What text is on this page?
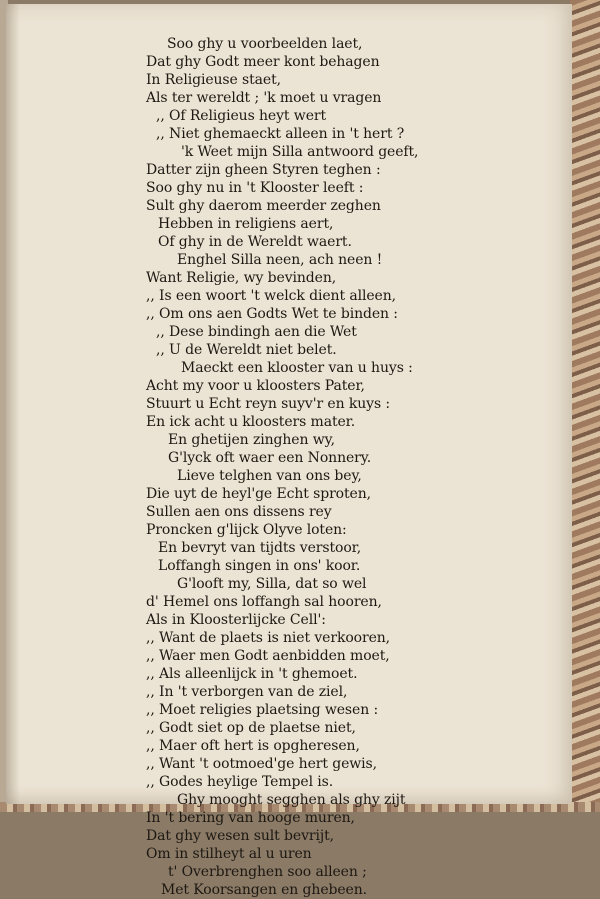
Soo ghy u voorbeelden laet,
Dat ghy Godt meer kont behagen
In Religieuse staet,
Als ter wereldt ; 'k moet u vragen
,, Of Religieus heyt wert
,, Niet ghemaeckt alleen in 't hert ?
'k Weet mijn Silla antwoord geeft,
Datter zijn gheen Styren teghen :
Soo ghy nu in 't Klooster leeft :
Sult ghy daerom meerder zeghen
Hebben in religiens aert,
Of ghy in de Wereldt waert.
Enghel Silla neen, ach neen !
Want Religie, wy bevinden,
,, Is een woort 't welck dient alleen,
,, Om ons aen Godts Wet te binden :
,, Dese bindingh aen die Wet
,, U de Wereldt niet belet.
Maeckt een klooster van u huys :
Acht my voor u kloosters Pater,
Stuurt u Echt reyn suyv'r en kuys :
En ick acht u kloosters mater.
En ghetijen zinghen wy,
G'lyck oft waer een Nonnery.
Lieve telghen van ons bey,
Die uyt de heyl'ge Echt sproten,
Sullen aen ons dissens rey
Proncken g'lijck Olyve loten:
En bevryt van tijdts verstoor,
Loffangh singen in ons' koor.
G'looft my, Silla, dat so wel
d' Hemel ons loffangh sal hooren,
Als in Kloosterlijcke Cell':
,, Want de plaets is niet verkooren,
,, Waer men Godt aenbidden moet,
,, Als alleenlijck in 't ghemoet.
,, In 't verborgen van de ziel,
,, Moet religies plaetsing wesen :
,, Godt siet op de plaetse niet,
,, Maer oft hert is opgheresen,
,, Want 't ootmoed'ge hert gewis,
,, Godes heylige Tempel is.
Ghy mooght segghen als ghy zijt
In 't bering van hooge muren,
Dat ghy wesen sult bevrijt,
Om in stilheyt al u uren
t' Overbrenghen soo alleen ;
Met Koorsangen en ghebeen.
